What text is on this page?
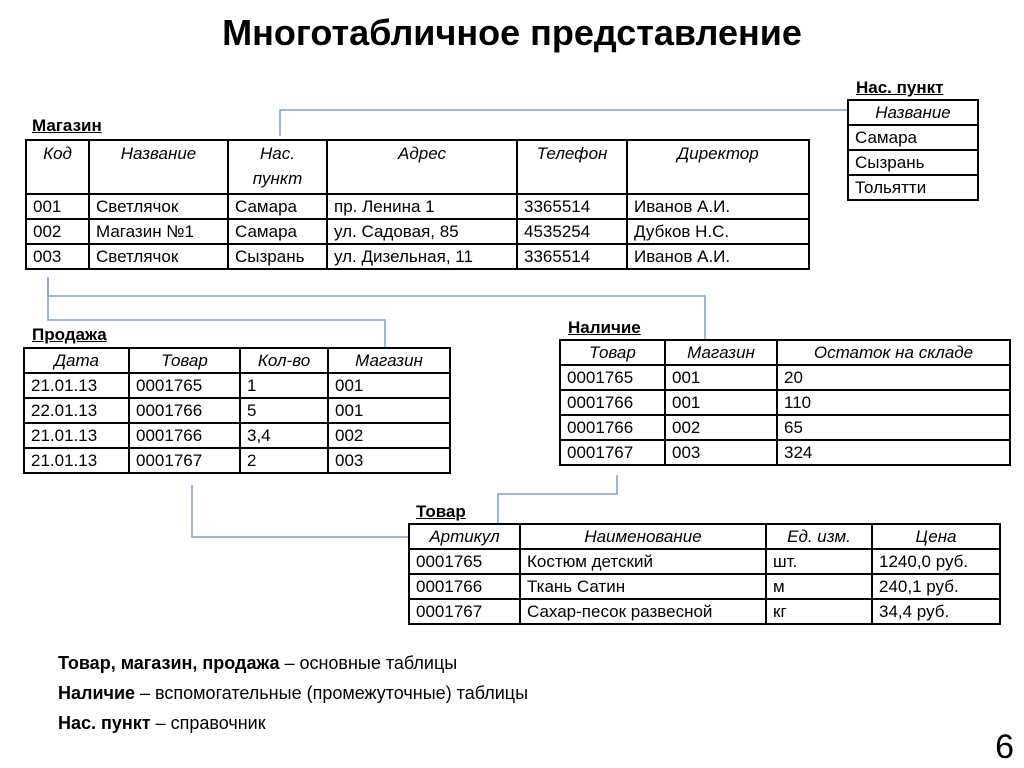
Многотабличное представление
Магазин
Код	Название	Нас. пункт	Адрес	Телефон	Директор
001	Светлячок	Самара	пр. Ленина 1	3365514	Иванов А.И.
002	Магазин №1	Самара	ул. Садовая, 85	4535254	Дубков Н.С.
003	Светлячок	Сызрань	ул. Дизельная, 11	3365514	Иванов А.И.
Нас. пункт
Название
Самара
Сызрань
Тольятти
Продажа
Дата	Товар	Кол-во	Магазин
21.01.13	0001765	1	001
22.01.13	0001766	5	001
21.01.13	0001766	3,4	002
21.01.13	0001767	2	003
Наличие
Товар	Магазин	Остаток на складе
0001765	001	20
0001766	001	110
0001766	002	65
0001767	003	324
Товар
Артикул	Наименование	Ед. изм.	Цена
0001765	Костюм детский	шт.	1240,0 руб.
0001766	Ткань Сатин	м	240,1 руб.
0001767	Сахар-песок развесной	кг	34,4 руб.
Товар, магазин, продажа – основные таблицы
Наличие – вспомогательные (промежуточные) таблицы
Нас. пункт – справочник
6
